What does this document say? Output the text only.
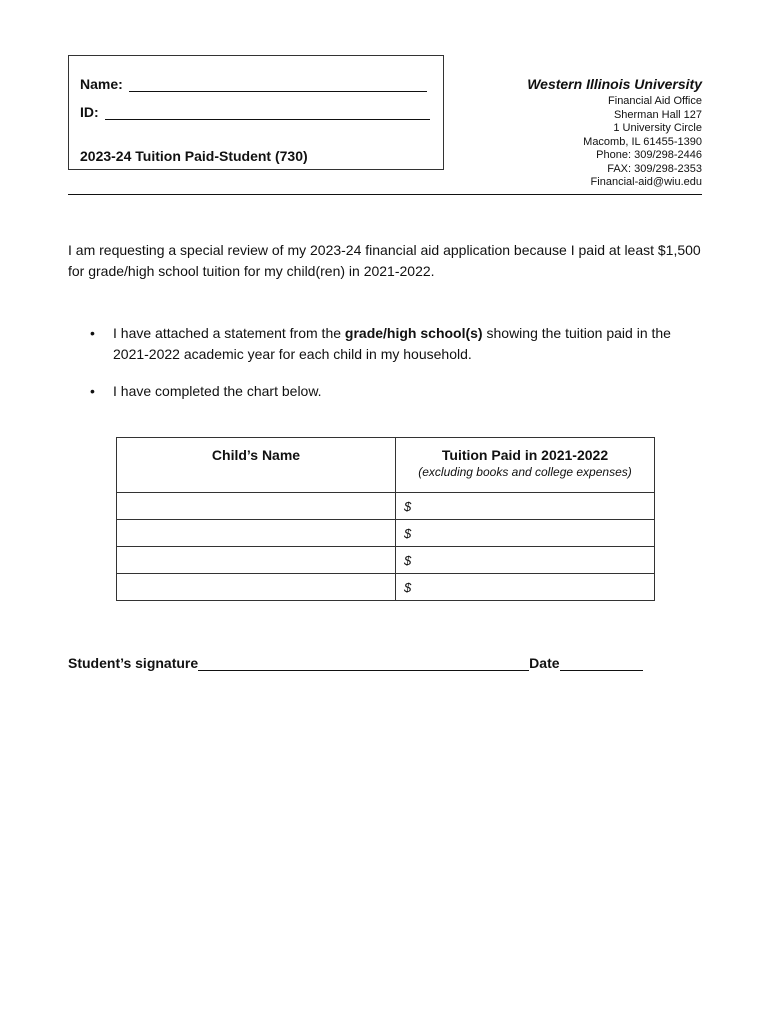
Name:
ID:
2023-24 Tuition Paid-Student (730)
Western Illinois University
Financial Aid Office
Sherman Hall 127
1 University Circle
Macomb, IL 61455-1390
Phone: 309/298-2446
FAX: 309/298-2353
Financial-aid@wiu.edu
I am requesting a special review of my 2023-24 financial aid application because I paid at least $1,500 for grade/high school tuition for my child(ren) in 2021-2022.
• I have attached a statement from the grade/high school(s) showing the tuition paid in the 2021-2022 academic year for each child in my household.
• I have completed the chart below.
Child’s Name	Tuition Paid in 2021-2022
(excluding books and college expenses)

	$
	$
	$
	$
Student’s signature	Date
